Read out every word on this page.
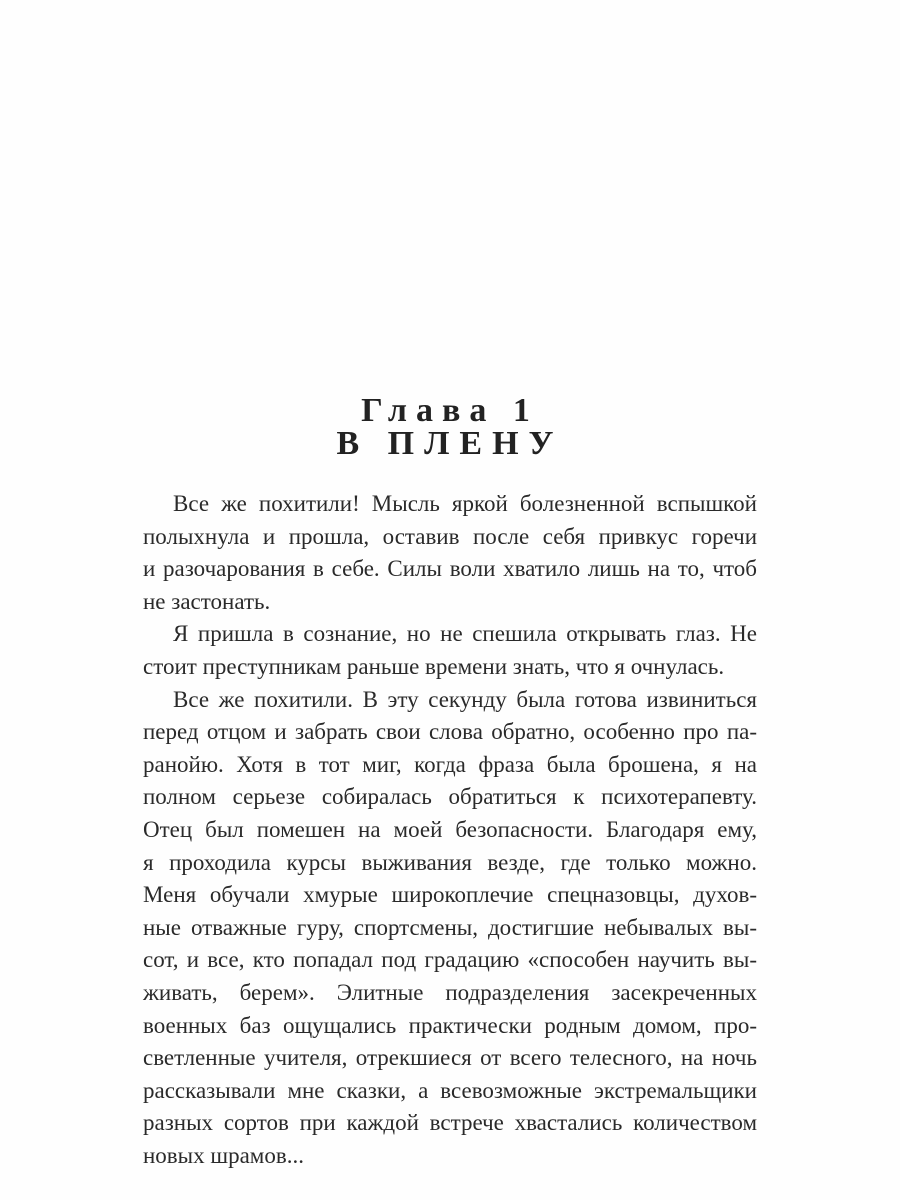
Глава 1
В ПЛЕНУ
Все же похитили! Мысль яркой болезненной вспышкой
полыхнула и прошла, оставив после себя привкус горечи
и разочарования в себе. Силы воли хватило лишь на то, чтоб
не застонать.
Я пришла в сознание, но не спешила открывать глаз. Не
стоит преступникам раньше времени знать, что я очнулась.
Все же похитили. В эту секунду была готова извиниться
перед отцом и забрать свои слова обратно, особенно про па-
ранойю. Хотя в тот миг, когда фраза была брошена, я на
полном серьезе собиралась обратиться к психотерапевту.
Отец был помешен на моей безопасности. Благодаря ему,
я проходила курсы выживания везде, где только можно.
Меня обучали хмурые широкоплечие спецназовцы, духов-
ные отважные гуру, спортсмены, достигшие небывалых вы-
сот, и все, кто попадал под градацию «способен научить вы-
живать, берем». Элитные подразделения засекреченных
военных баз ощущались практически родным домом, про-
светленные учителя, отрекшиеся от всего телесного, на ночь
рассказывали мне сказки, а всевозможные экстремальщики
разных сортов при каждой встрече хвастались количеством
новых шрамов...
